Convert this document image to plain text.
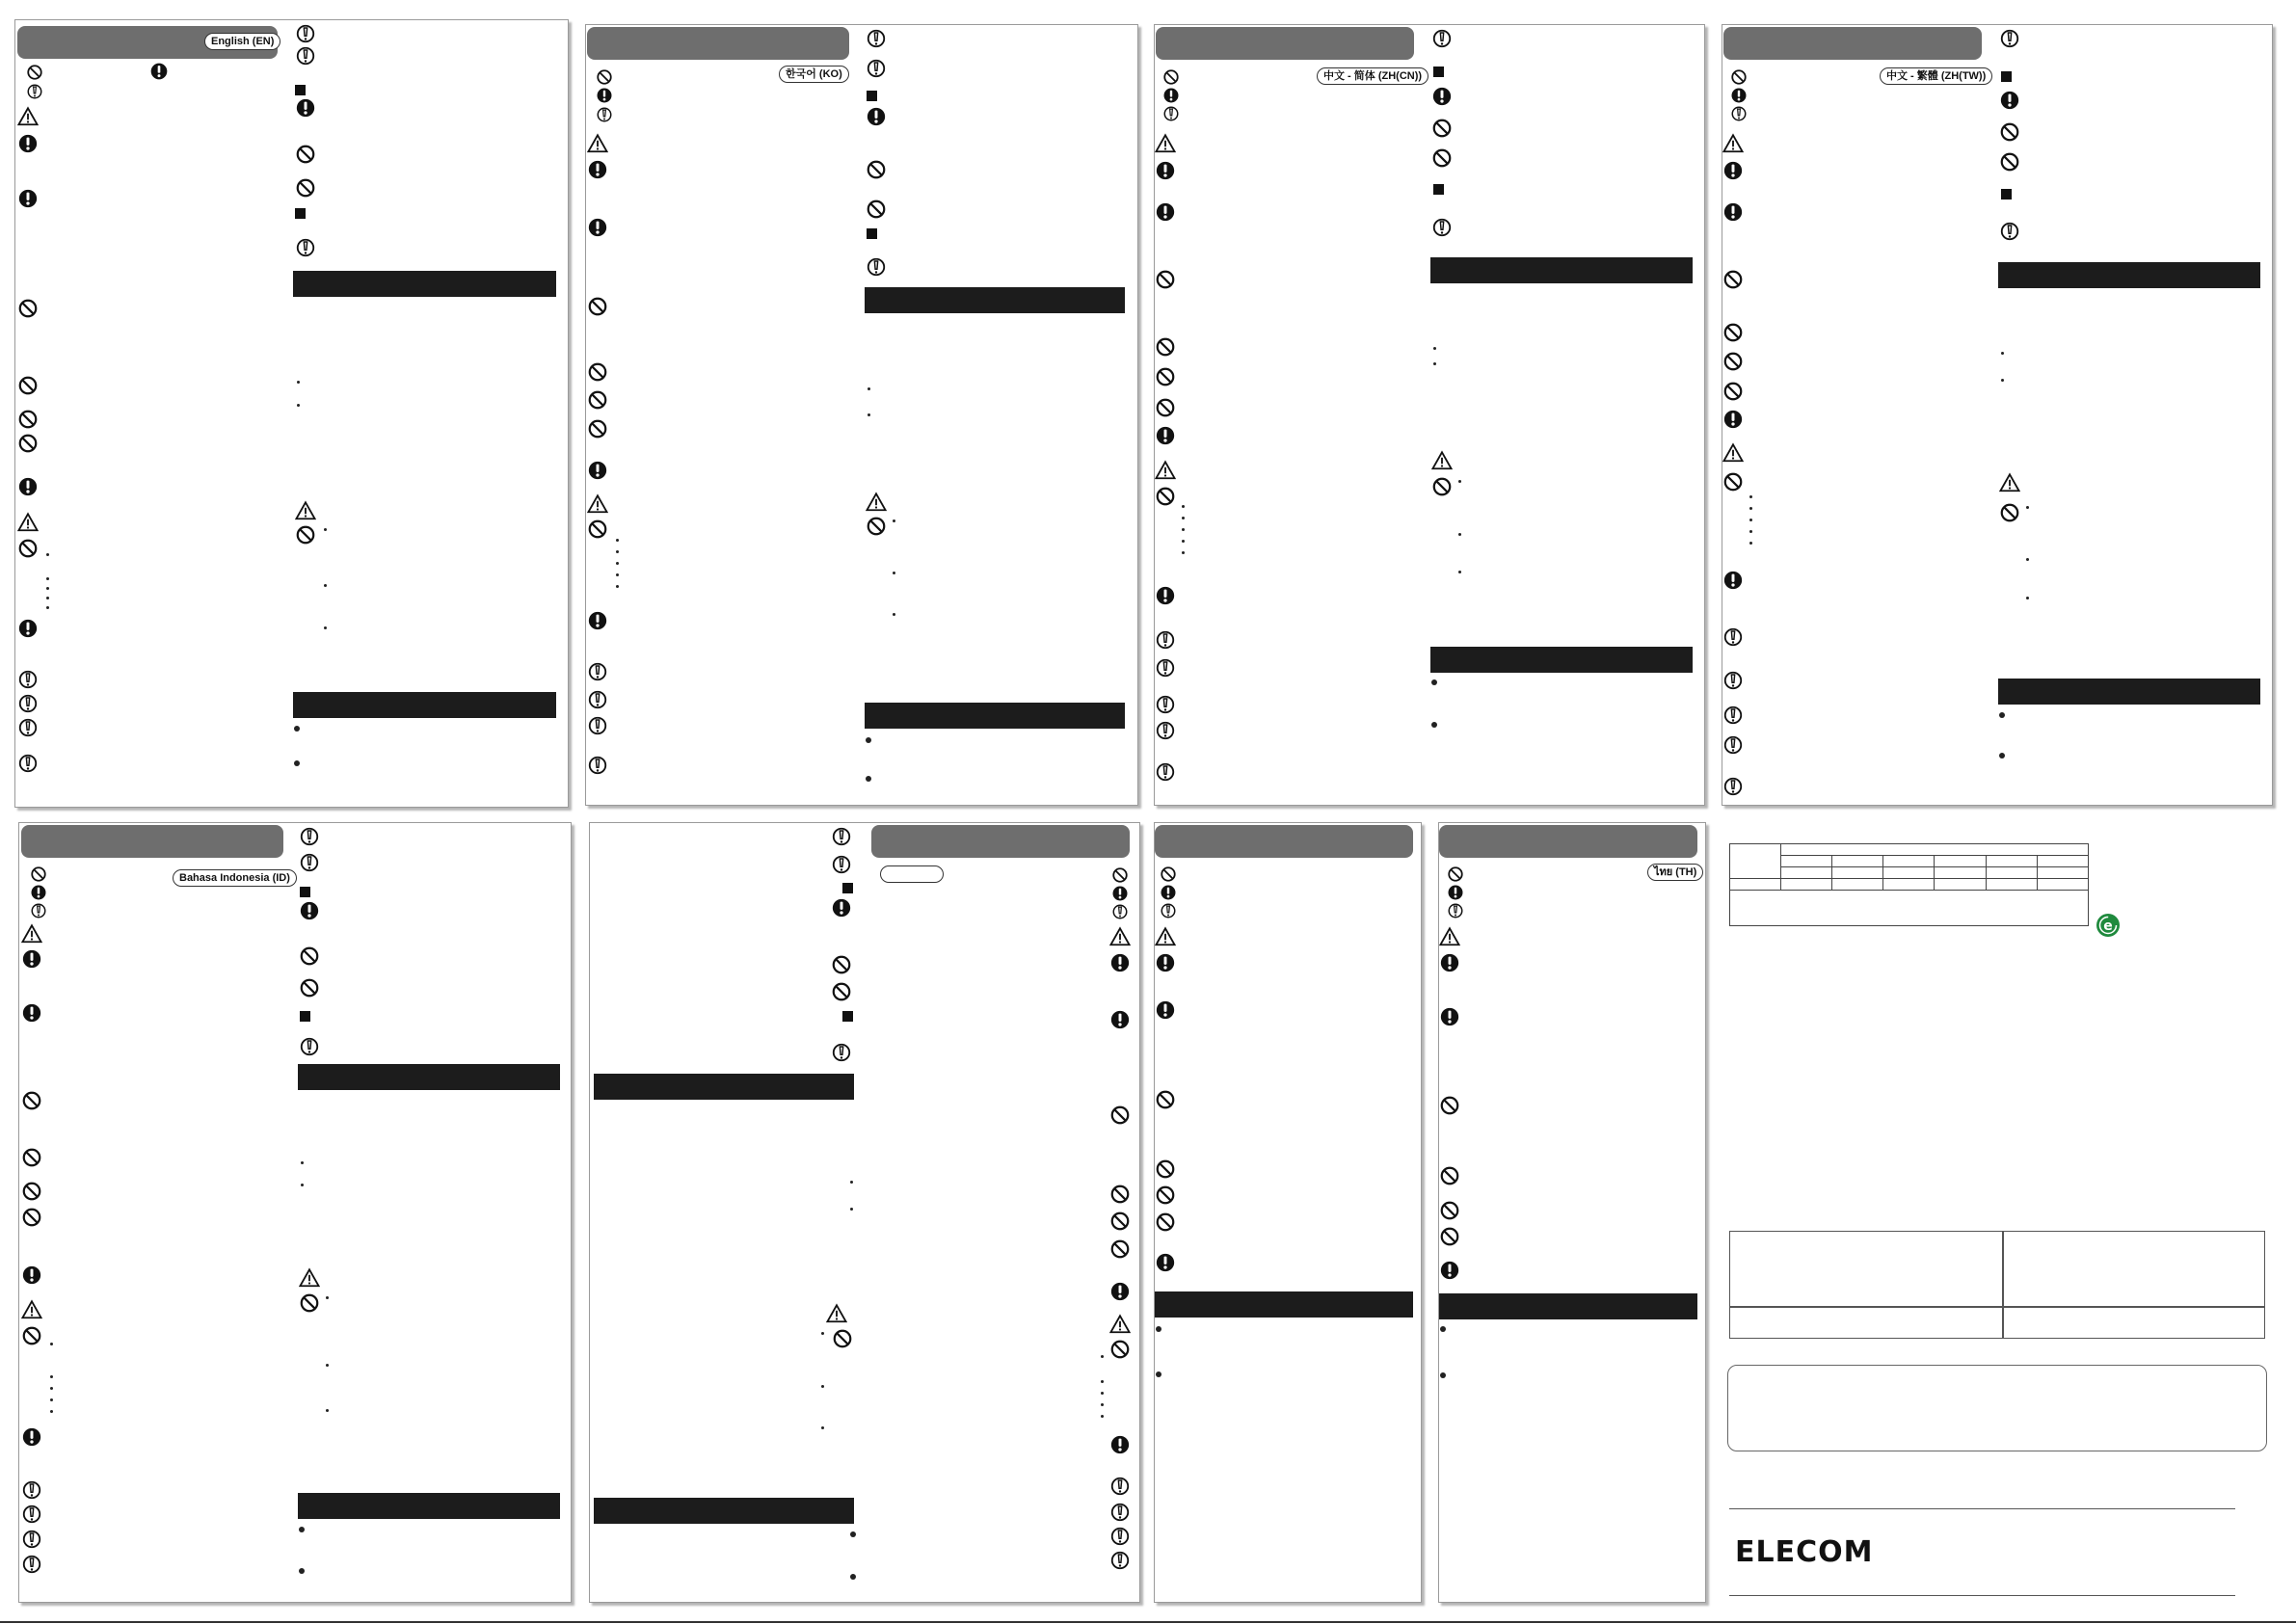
English (EN)
한국어 (KO)	中文 - 简体 (ZH(CN))	中文 - 繁體 (ZH(TW))
Bahasa Indonesia (ID)	ไทย (TH)

e
ELECOM
